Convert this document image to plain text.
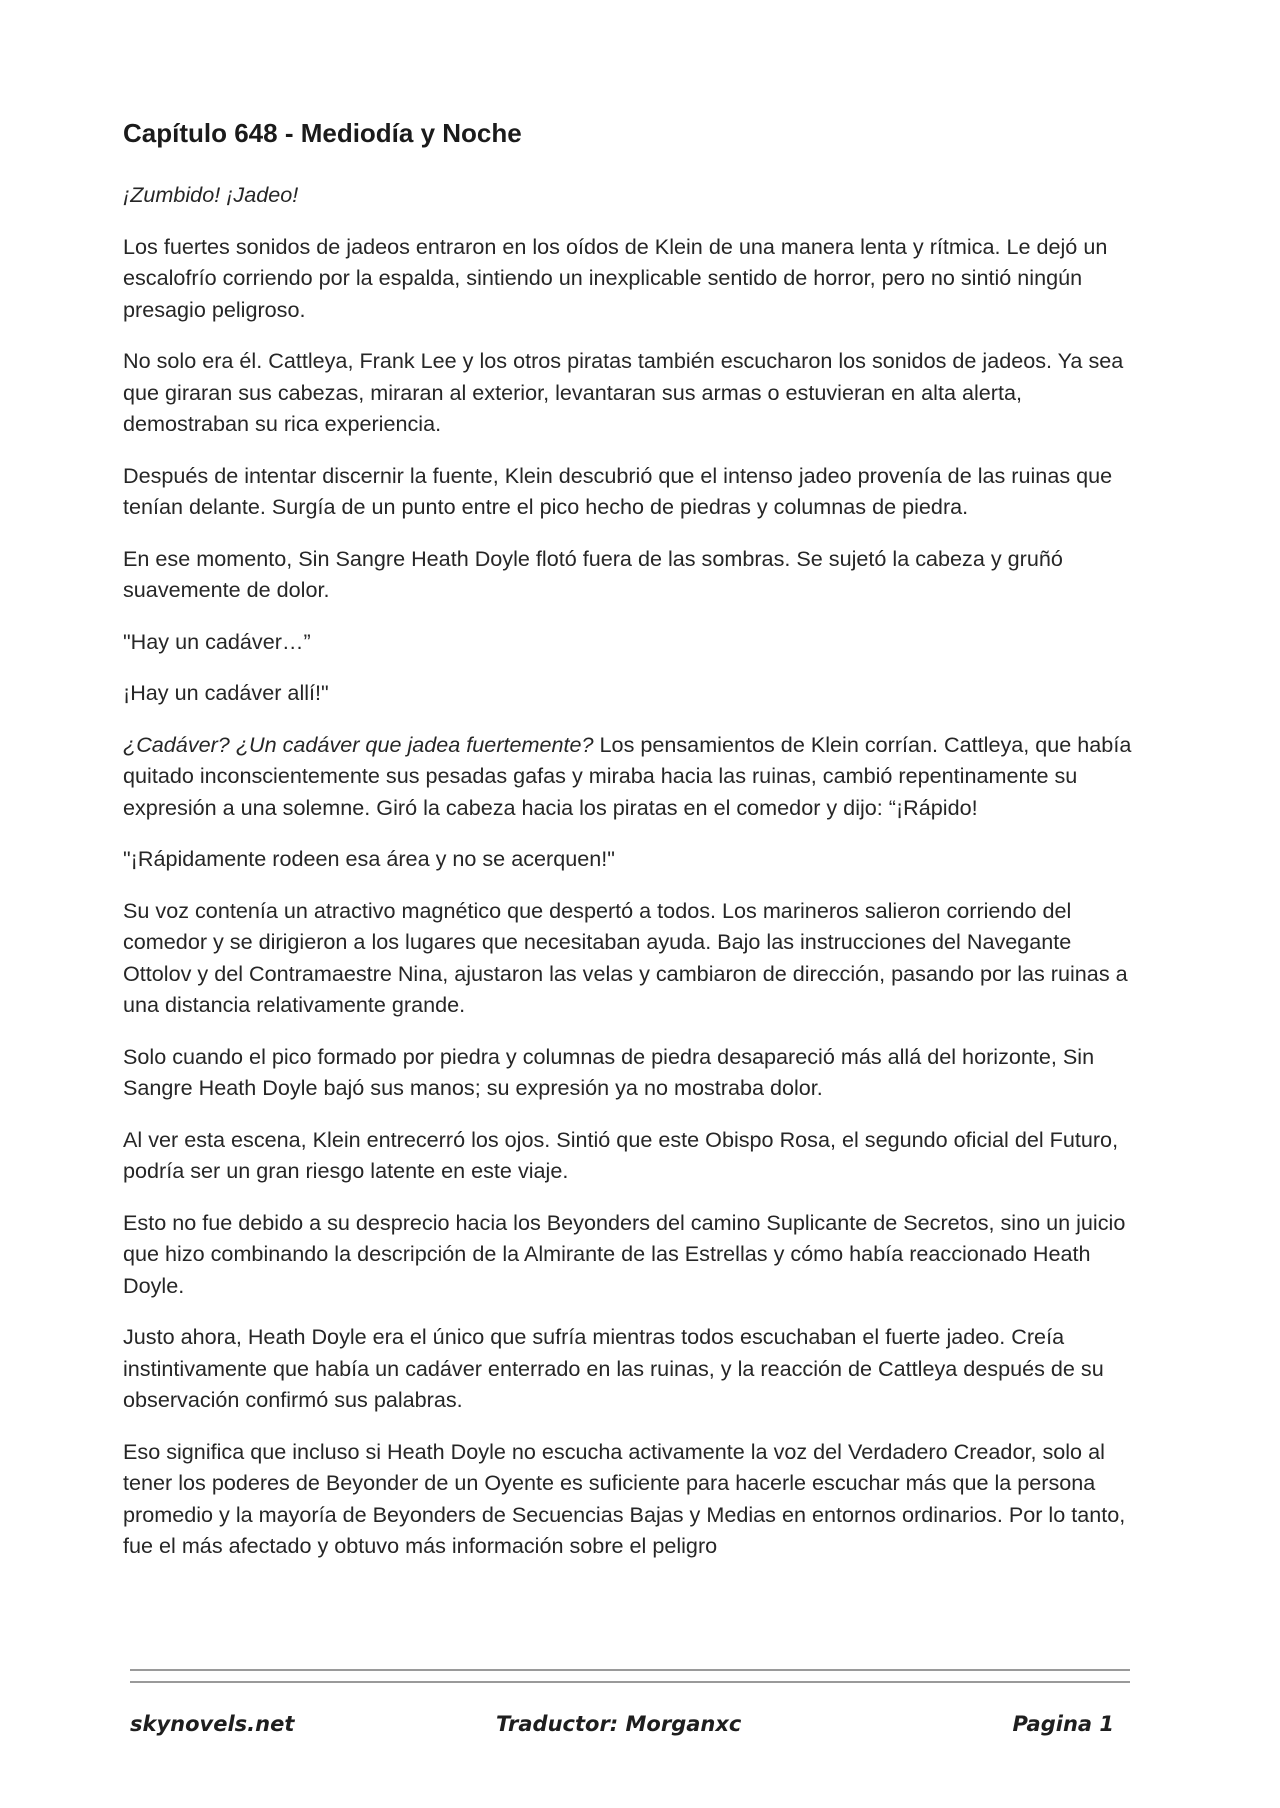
Capítulo 648 - Mediodía y Noche

¡Zumbido! ¡Jadeo!

Los fuertes sonidos de jadeos entraron en los oídos de Klein de una manera lenta y rítmica. Le dejó un escalofrío corriendo por la espalda, sintiendo un inexplicable sentido de horror, pero no sintió ningún presagio peligroso.

No solo era él. Cattleya, Frank Lee y los otros piratas también escucharon los sonidos de jadeos. Ya sea que giraran sus cabezas, miraran al exterior, levantaran sus armas o estuvieran en alta alerta, demostraban su rica experiencia.

Después de intentar discernir la fuente, Klein descubrió que el intenso jadeo provenía de las ruinas que tenían delante. Surgía de un punto entre el pico hecho de piedras y columnas de piedra.

En ese momento, Sin Sangre Heath Doyle flotó fuera de las sombras. Se sujetó la cabeza y gruñó suavemente de dolor.

"Hay un cadáver…”

¡Hay un cadáver allí!"

¿Cadáver? ¿Un cadáver que jadea fuertemente? Los pensamientos de Klein corrían. Cattleya, que había quitado inconscientemente sus pesadas gafas y miraba hacia las ruinas, cambió repentinamente su expresión a una solemne. Giró la cabeza hacia los piratas en el comedor y dijo: “¡Rápido!

"¡Rápidamente rodeen esa área y no se acerquen!"

Su voz contenía un atractivo magnético que despertó a todos. Los marineros salieron corriendo del comedor y se dirigieron a los lugares que necesitaban ayuda. Bajo las instrucciones del Navegante Ottolov y del Contramaestre Nina, ajustaron las velas y cambiaron de dirección, pasando por las ruinas a una distancia relativamente grande.

Solo cuando el pico formado por piedra y columnas de piedra desapareció más allá del horizonte, Sin Sangre Heath Doyle bajó sus manos; su expresión ya no mostraba dolor.

Al ver esta escena, Klein entrecerró los ojos. Sintió que este Obispo Rosa, el segundo oficial del Futuro, podría ser un gran riesgo latente en este viaje.

Esto no fue debido a su desprecio hacia los Beyonders del camino Suplicante de Secretos, sino un juicio que hizo combinando la descripción de la Almirante de las Estrellas y cómo había reaccionado Heath Doyle.

Justo ahora, Heath Doyle era el único que sufría mientras todos escuchaban el fuerte jadeo. Creía instintivamente que había un cadáver enterrado en las ruinas, y la reacción de Cattleya después de su observación confirmó sus palabras.

Eso significa que incluso si Heath Doyle no escucha activamente la voz del Verdadero Creador, solo al tener los poderes de Beyonder de un Oyente es suficiente para hacerle escuchar más que la persona promedio y la mayoría de Beyonders de Secuencias Bajas y Medias en entornos ordinarios. Por lo tanto, fue el más afectado y obtuvo más información sobre el peligro

skynovels.net	Traductor: Morganxc	Pagina 1
